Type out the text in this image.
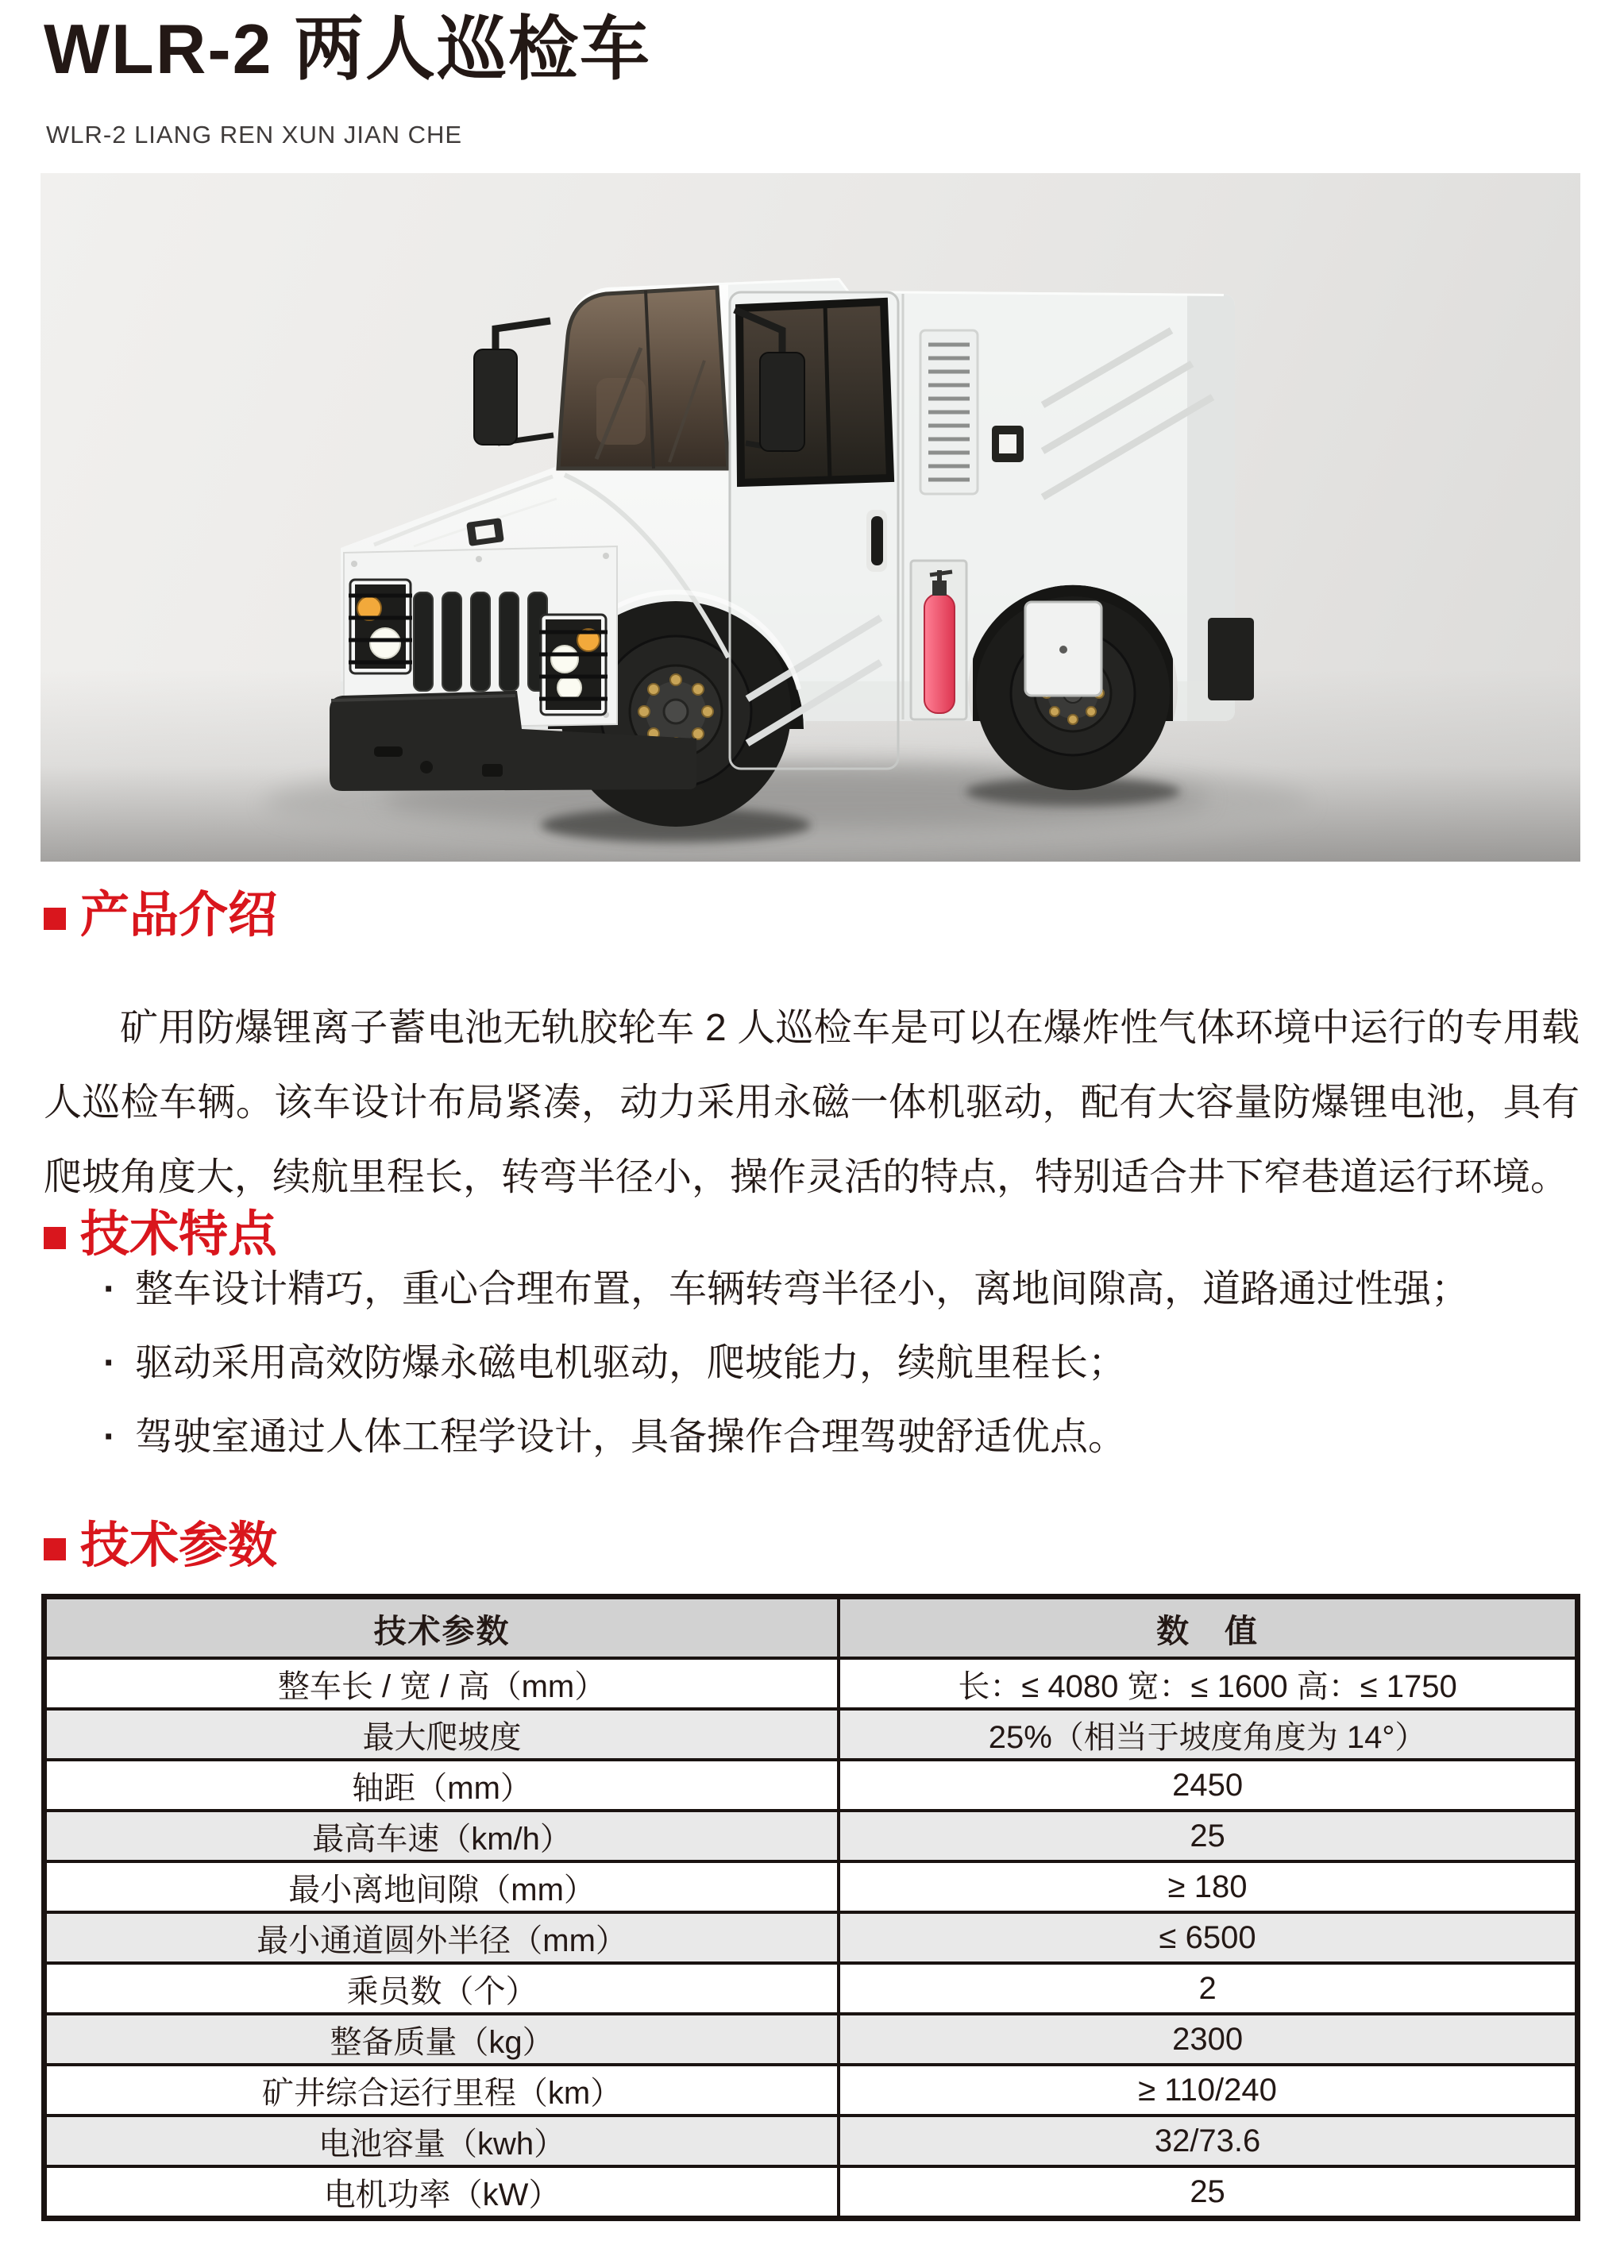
WLR-2 两人巡检车
WLR-2 LIANG REN XUN JIAN CHE
产品介绍

矿用防爆锂离子蓄电池无轨胶轮车 2 人巡检车是可以在爆炸性气体环境中运行的专用载人巡检车辆。该车设计布局紧凑，动力采用永磁一体机驱动，配有大容量防爆锂电池，具有爬坡角度大，续航里程长，转弯半径小，操作灵活的特点，特别适合井下窄巷道运行环境。

技术特点
· 整车设计精巧，重心合理布置，车辆转弯半径小，离地间隙高，道路通过性强；
· 驱动采用高效防爆永磁电机驱动，爬坡能力，续航里程长；
· 驾驶室通过人体工程学设计，具备操作合理驾驶舒适优点。
技术参数
技术参数	数　值
整车长 / 宽 / 高（mm）	长：≤ 4080 宽：≤ 1600 高：≤ 1750
最大爬坡度	25%（相当于坡度角度为 14°）
轴距（mm）	2450
最高车速（km/h）	25
最小离地间隙（mm）	≥ 180
最小通道圆外半径（mm）	≤ 6500
乘员数（个）	2
整备质量（kg）	2300
矿井综合运行里程（km）	≥ 110/240
电池容量（kwh）	32/73.6
电机功率（kW）	25
